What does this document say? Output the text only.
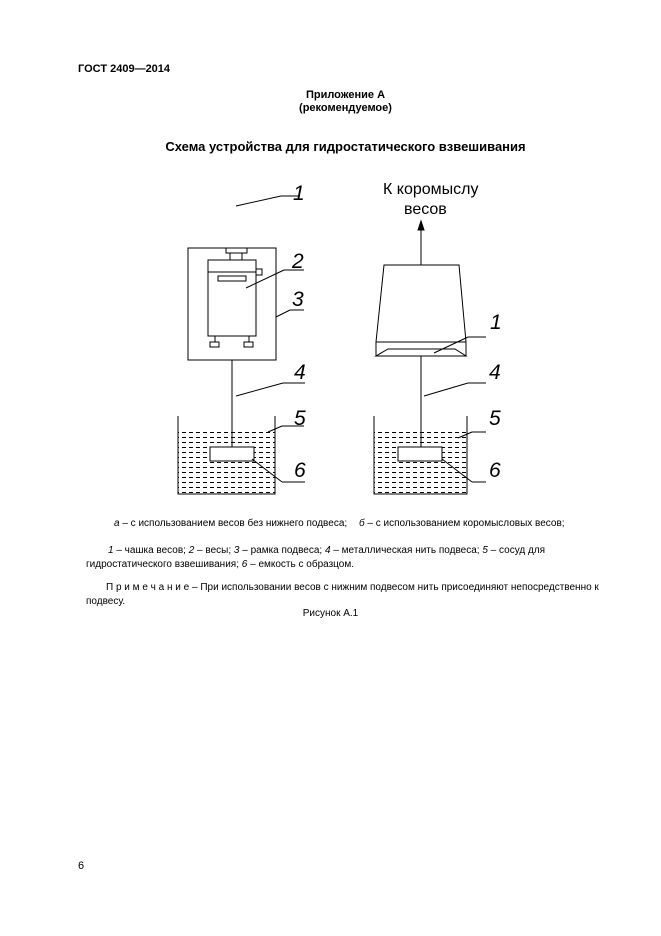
ГОСТ 2409—2014
Приложение А
(рекомендуемое)
Схема устройства для гидростатического взвешивания
1
2
3
4
5
6
К коромыслу
весов
1
4
5
6
а – с использованием весов без нижнего подвеса;	б – с использованием коромысловых весов;
1 – чашка весов; 2 – весы; 3 – рамка подвеса; 4 – металлическая нить подвеса; 5 – сосуд для гидростатического взвешивания; 6 – емкость с образцом.
П р и м е ч а н и е – При использовании весов с нижним подвесом нить присоединяют непосредственно к подвесу.
Рисунок А.1
6
